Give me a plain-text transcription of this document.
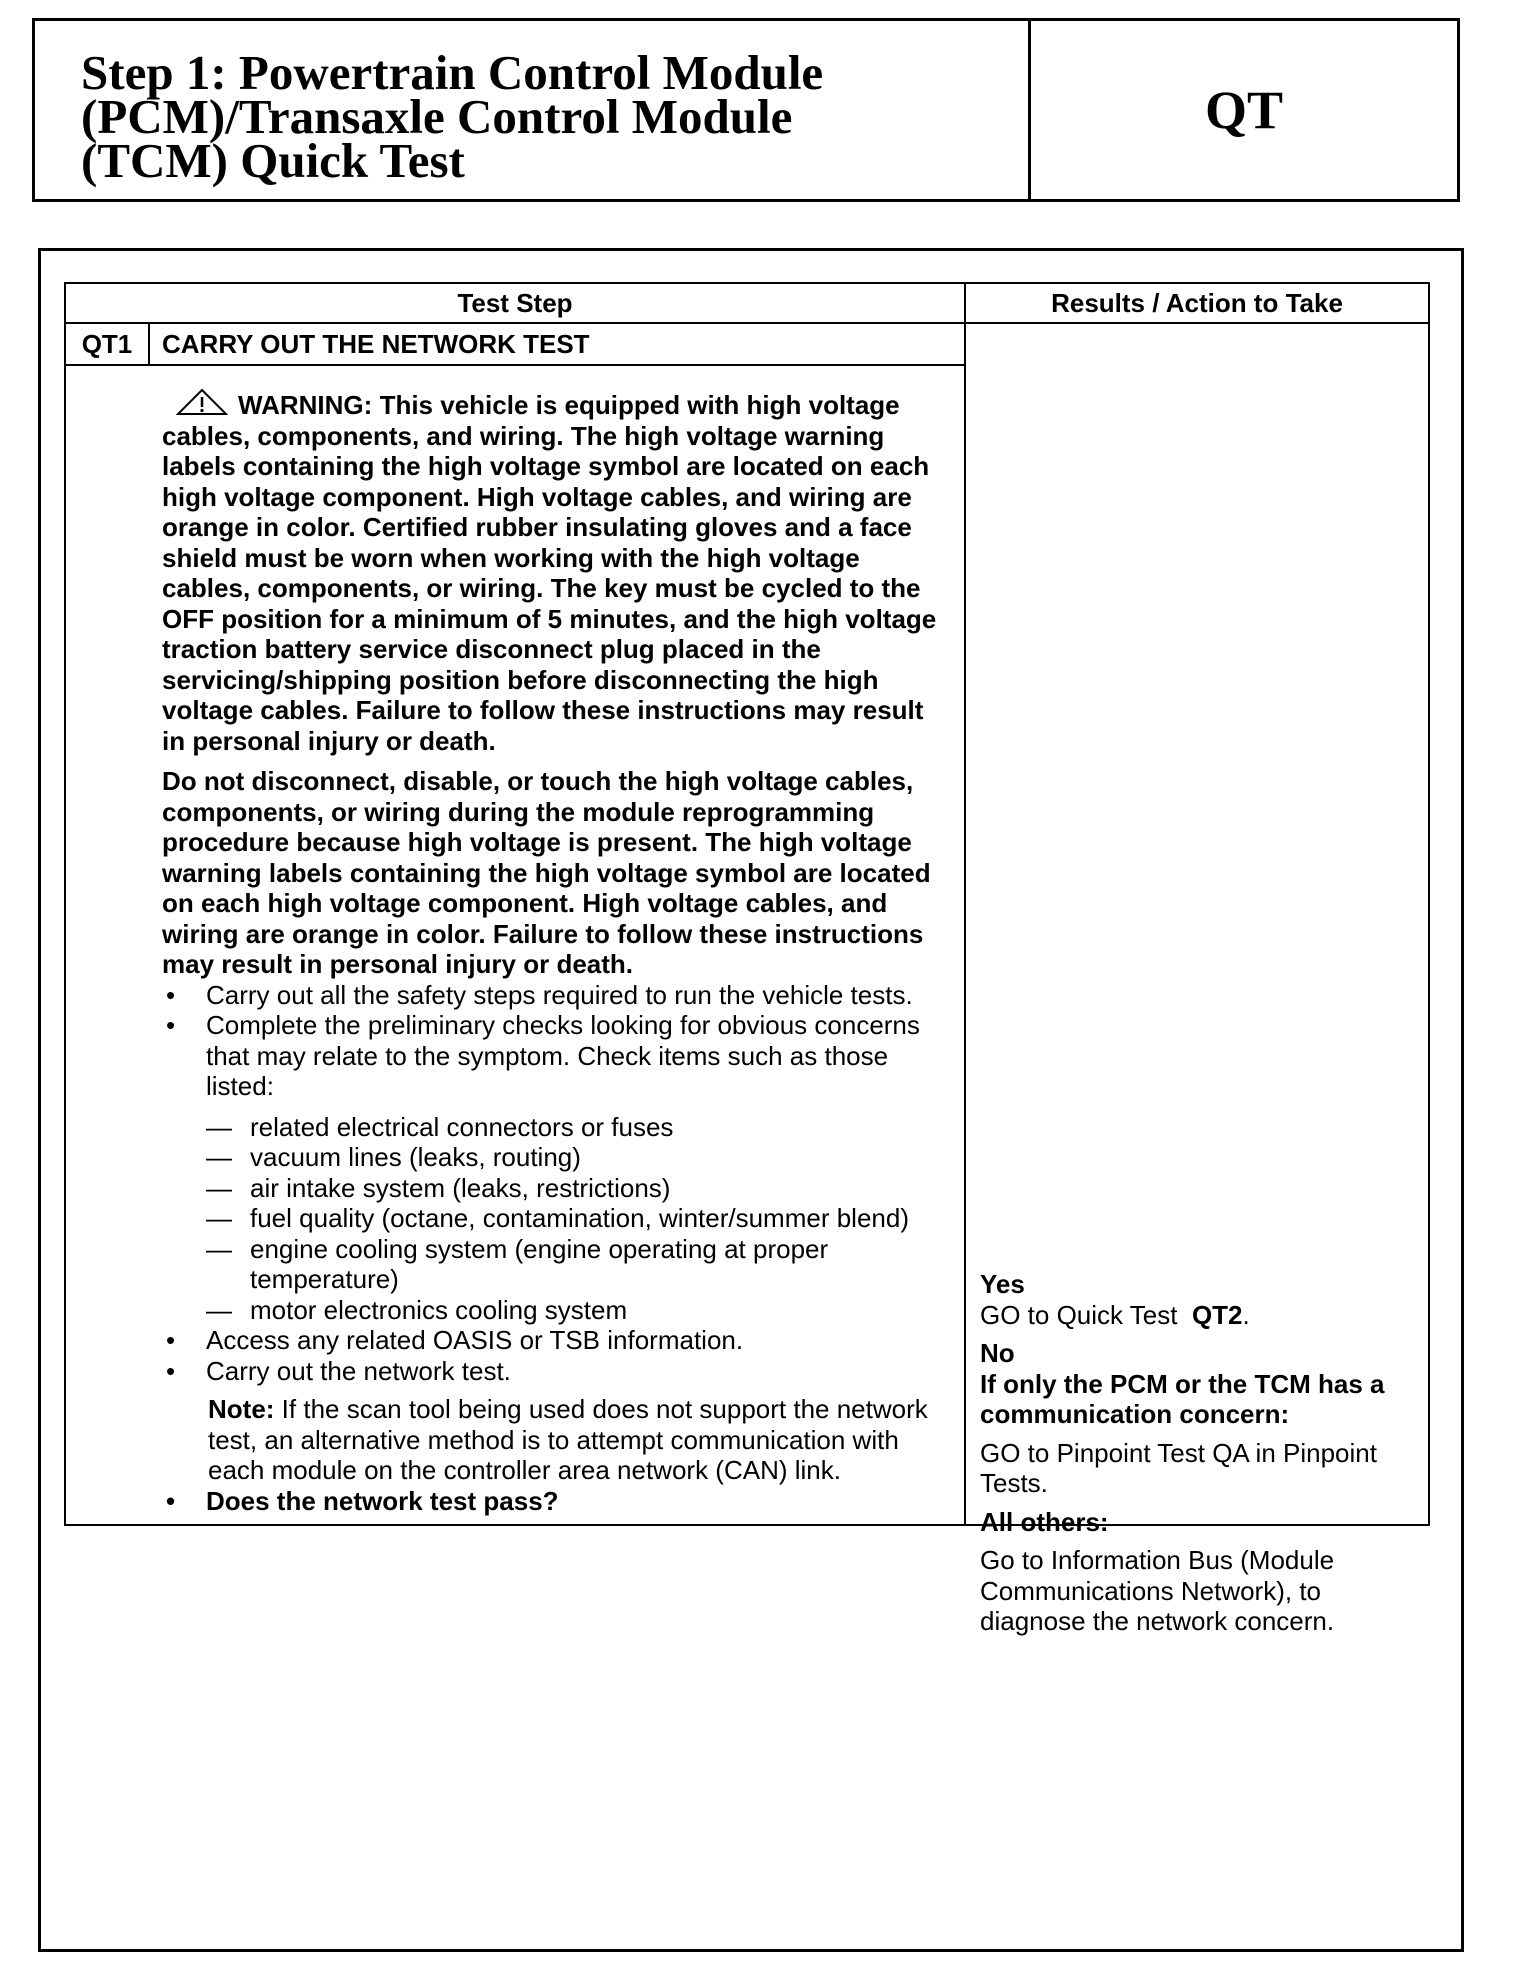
Step 1: Powertrain Control Module
(PCM)/Transaxle Control Module
(TCM) Quick Test
QT
Test Step	Results / Action to Take
QT1	CARRY OUT THE NETWORK TEST

WARNING: This vehicle is equipped with high voltage cables, components, and wiring. The high voltage warning labels containing the high voltage symbol are located on each high voltage component. High voltage cables, and wiring are orange in color. Certified rubber insulating gloves and a face shield must be worn when working with the high voltage cables, components, or wiring. The key must be cycled to the OFF position for a minimum of 5 minutes, and the high voltage traction battery service disconnect plug placed in the servicing/shipping position before disconnecting the high voltage cables. Failure to follow these instructions may result in personal injury or death.

Do not disconnect, disable, or touch the high voltage cables, components, or wiring during the module reprogramming procedure because high voltage is present. The high voltage warning labels containing the high voltage symbol are located on each high voltage component. High voltage cables, and wiring are orange in color. Failure to follow these instructions may result in personal injury or death.

•	Carry out all the safety steps required to run the vehicle tests.
•	Complete the preliminary checks looking for obvious concerns that may relate to the symptom. Check items such as those listed:
— related electrical connectors or fuses
— vacuum lines (leaks, routing)
— air intake system (leaks, restrictions)
— fuel quality (octane, contamination, winter/summer blend)
— engine cooling system (engine operating at proper temperature)
— motor electronics cooling system
•	Access any related OASIS or TSB information.
•	Carry out the network test.
Note: If the scan tool being used does not support the network test, an alternative method is to attempt communication with each module on the controller area network (CAN) link.
•	Does the network test pass?
Yes
GO to Quick Test QT2.
No
If only the PCM or the TCM has a communication concern:
GO to Pinpoint Test QA in Pinpoint Tests.
All others:
Go to Information Bus (Module Communications Network), to diagnose the network concern.
